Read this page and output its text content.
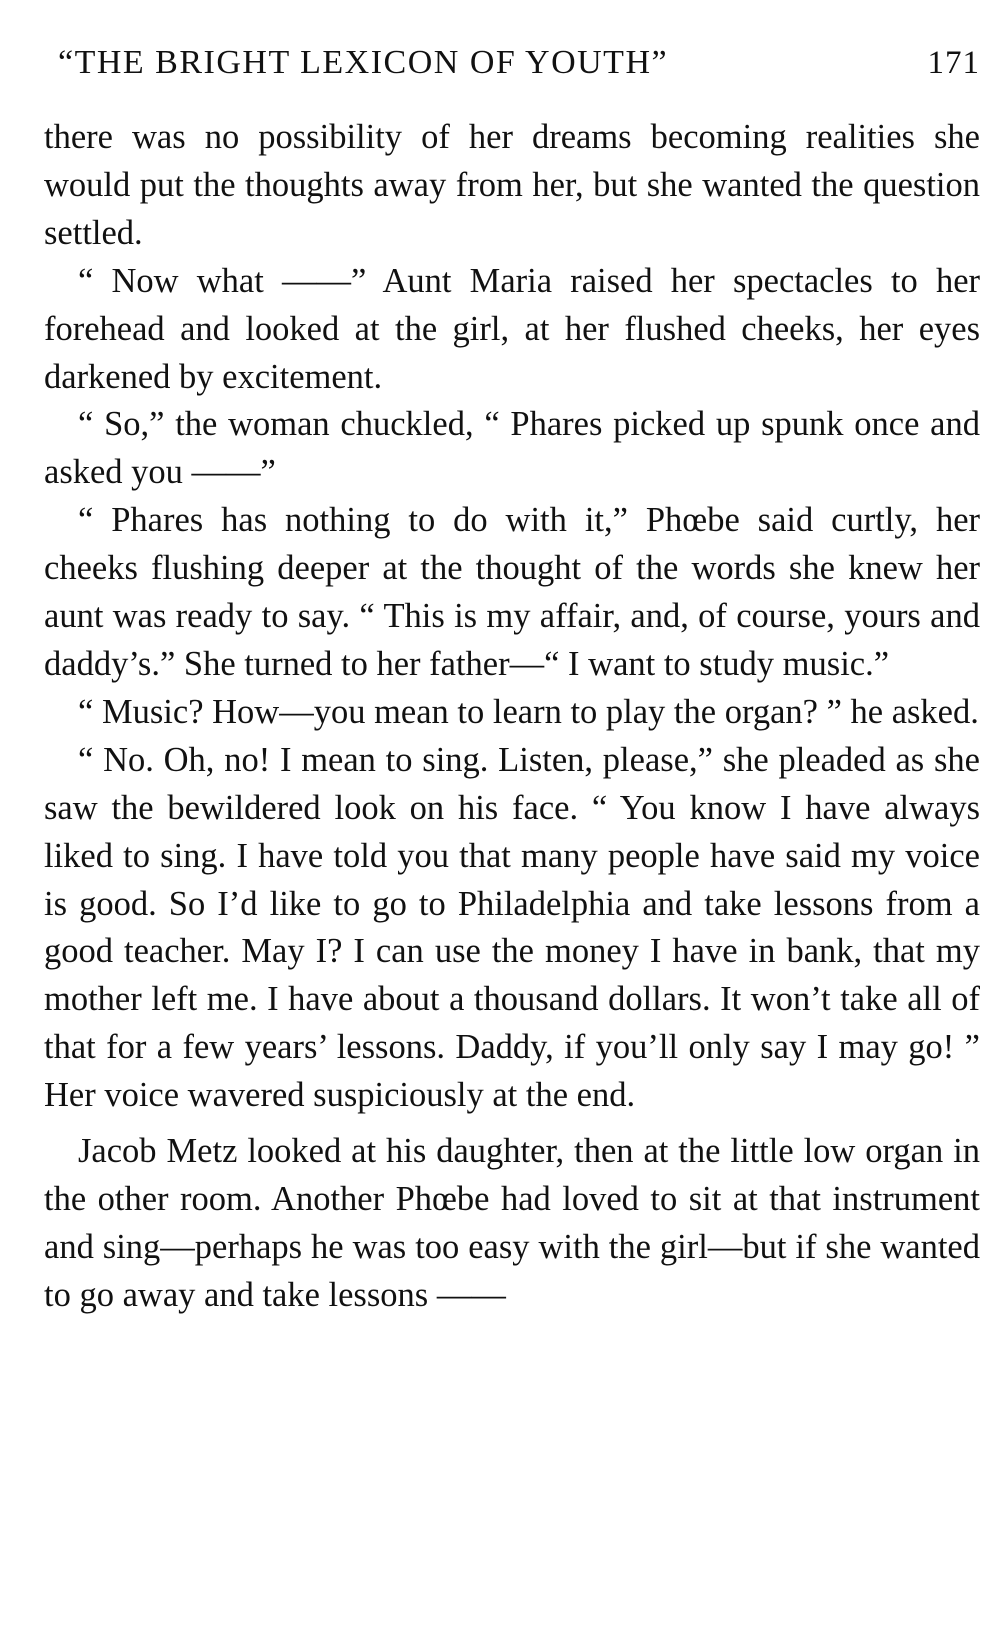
“THE BRIGHT LEXICON OF YOUTH”	171

there was no possibility of her dreams becoming realities she would put the thoughts away from her, but she wanted the question settled.

“ Now what ——” Aunt Maria raised her spectacles to her forehead and looked at the girl, at her flushed cheeks, her eyes darkened by excitement.

“ So,” the woman chuckled, “ Phares picked up spunk once and asked you ——”

“ Phares has nothing to do with it,” Phœbe said curtly, her cheeks flushing deeper at the thought of the words she knew her aunt was ready to say. “ This is my affair, and, of course, yours and daddy’s.” She turned to her father—“ I want to study music.”

“ Music? How—you mean to learn to play the organ? ” he asked.

“ No. Oh, no! I mean to sing. Listen, please,” she pleaded as she saw the bewildered look on his face. “ You know I have always liked to sing. I have told you that many people have said my voice is good. So I’d like to go to Philadelphia and take lessons from a good teacher. May I? I can use the money I have in bank, that my mother left me. I have about a thousand dollars. It won’t take all of that for a few years’ lessons. Daddy, if you’ll only say I may go! ” Her voice wavered suspiciously at the end.

Jacob Metz looked at his daughter, then at the little low organ in the other room. Another Phœbe had loved to sit at that instrument and sing—perhaps he was too easy with the girl—but if she wanted to go away and take lessons ——
